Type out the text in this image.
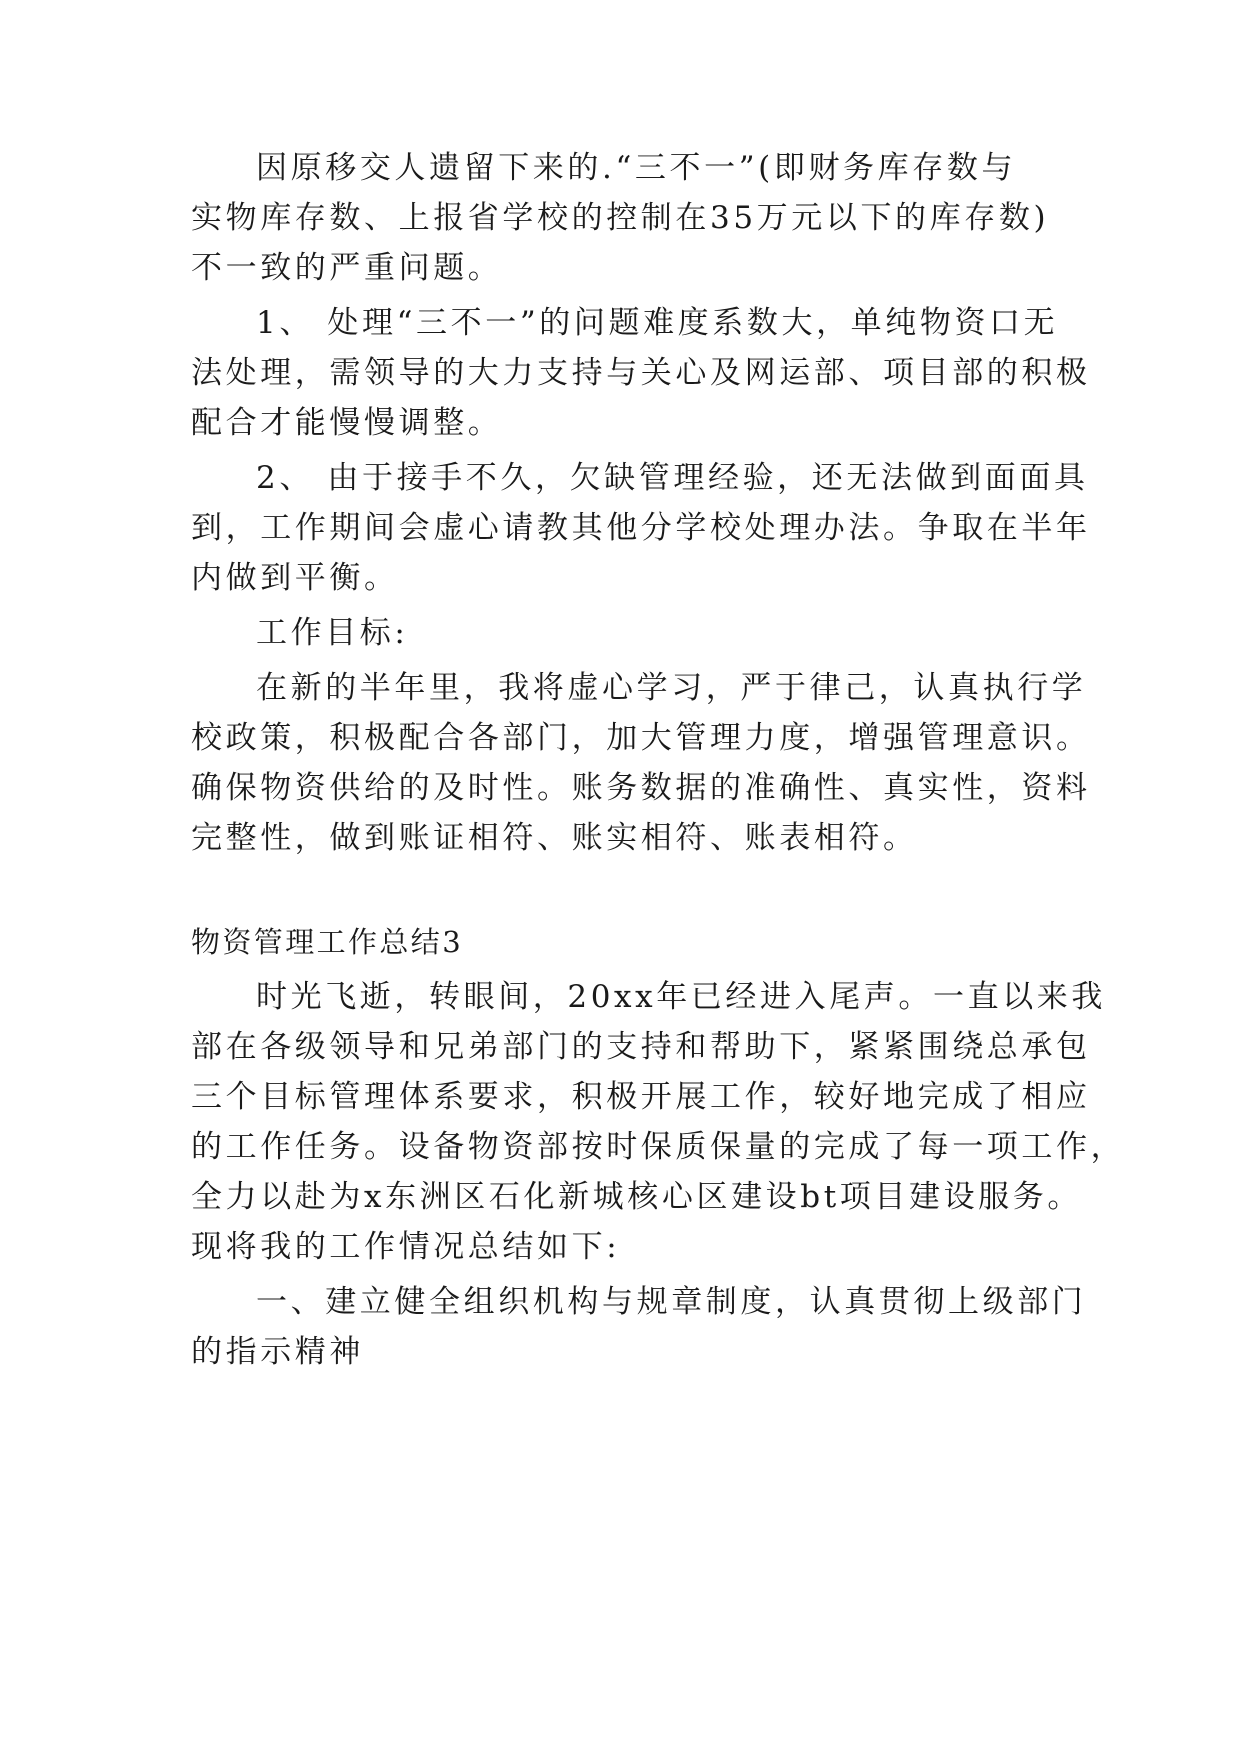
因原移交人遗留下来的.“三不一”(即财务库存数与
实物库存数、上报省学校的控制在35万元以下的库存数)
不一致的严重问题。
1、 处理“三不一”的问题难度系数大，单纯物资口无
法处理，需领导的大力支持与关心及网运部、项目部的积极
配合才能慢慢调整。
2、 由于接手不久，欠缺管理经验，还无法做到面面具
到，工作期间会虚心请教其他分学校处理办法。争取在半年
内做到平衡。
工作目标:
在新的半年里，我将虚心学习，严于律己，认真执行学
校政策，积极配合各部门，加大管理力度，增强管理意识。
确保物资供给的及时性。账务数据的准确性、真实性，资料
完整性，做到账证相符、账实相符、账表相符。
物资管理工作总结3
时光飞逝，转眼间，20xx年已经进入尾声。一直以来我
部在各级领导和兄弟部门的支持和帮助下，紧紧围绕总承包
三个目标管理体系要求，积极开展工作，较好地完成了相应
的工作任务。设备物资部按时保质保量的完成了每一项工作，
全力以赴为x东洲区石化新城核心区建设bt项目建设服务。
现将我的工作情况总结如下:
一、建立健全组织机构与规章制度，认真贯彻上级部门
的指示精神
